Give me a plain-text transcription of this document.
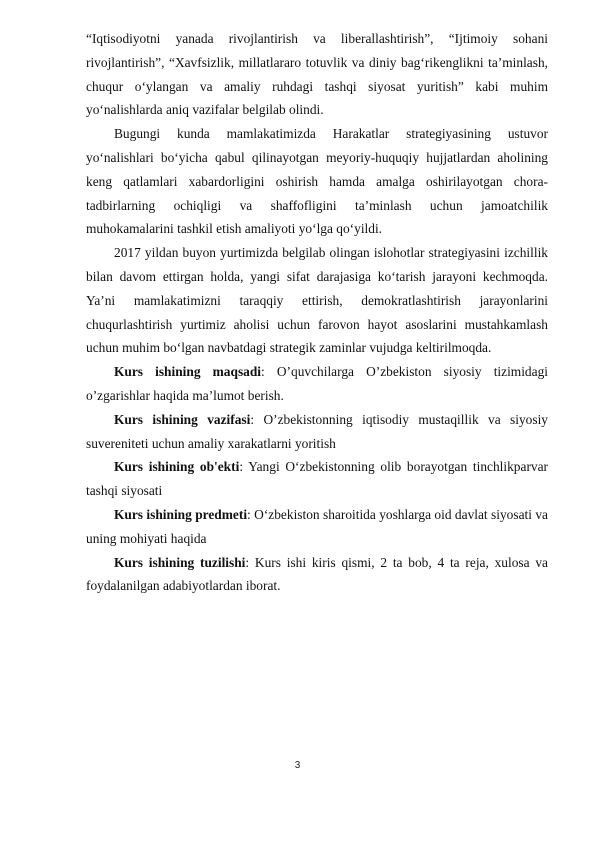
“Iqtisodiyotni yanada rivojlantirish va liberallashtirish”, “Ijtimoiy sohani rivojlantirish”, “Xavfsizlik, millatlararo totuvlik va diniy bag‘rikenglikni ta’minlash, chuqur o‘ylangan va amaliy ruhdagi tashqi siyosat yuritish” kabi muhim yo‘nalishlarda aniq vazifalar belgilab olindi.

Bugungi kunda mamlakatimizda Harakatlar strategiyasining ustuvor yo‘nalishlari bo‘yicha qabul qilinayotgan meyoriy-huquqiy hujjatlardan aholining keng qatlamlari xabardorligini oshirish hamda amalga oshirilayotgan chora-tadbirlarning ochiqligi va shaffofligini ta’minlash uchun jamoatchilik muhokamalarini tashkil etish amaliyoti yo‘lga qo‘yildi.

2017 yildan buyon yurtimizda belgilab olingan islohotlar strategiyasini izchillik bilan davom ettirgan holda, yangi sifat darajasiga ko‘tarish jarayoni kechmoqda. Ya’ni mamlakatimizni taraqqiy ettirish, demokratlashtirish jarayonlarini chuqurlashtirish yurtimiz aholisi uchun farovon hayot asoslarini mustahkamlash uchun muhim bo‘lgan navbatdagi strategik zaminlar vujudga keltirilmoqda.

Kurs ishining maqsadi: O’quvchilarga O’zbekiston siyosiy tizimidagi o’zgarishlar haqida ma’lumot berish.

Kurs ishining vazifasi: O’zbekistonning iqtisodiy mustaqillik va siyosiy suvereniteti uchun amaliy xarakatlarni yoritish

Kurs ishining ob'ekti: Yangi O‘zbekistonning olib borayotgan tinchlikparvar tashqi siyosati

Kurs ishining predmeti: O‘zbekiston sharoitida yoshlarga oid davlat siyosati va uning mohiyati haqida

Kurs ishining tuzilishi: Kurs ishi kiris qismi, 2 ta bob, 4 ta reja, xulosa va foydalanilgan adabiyotlardan iborat.

3
